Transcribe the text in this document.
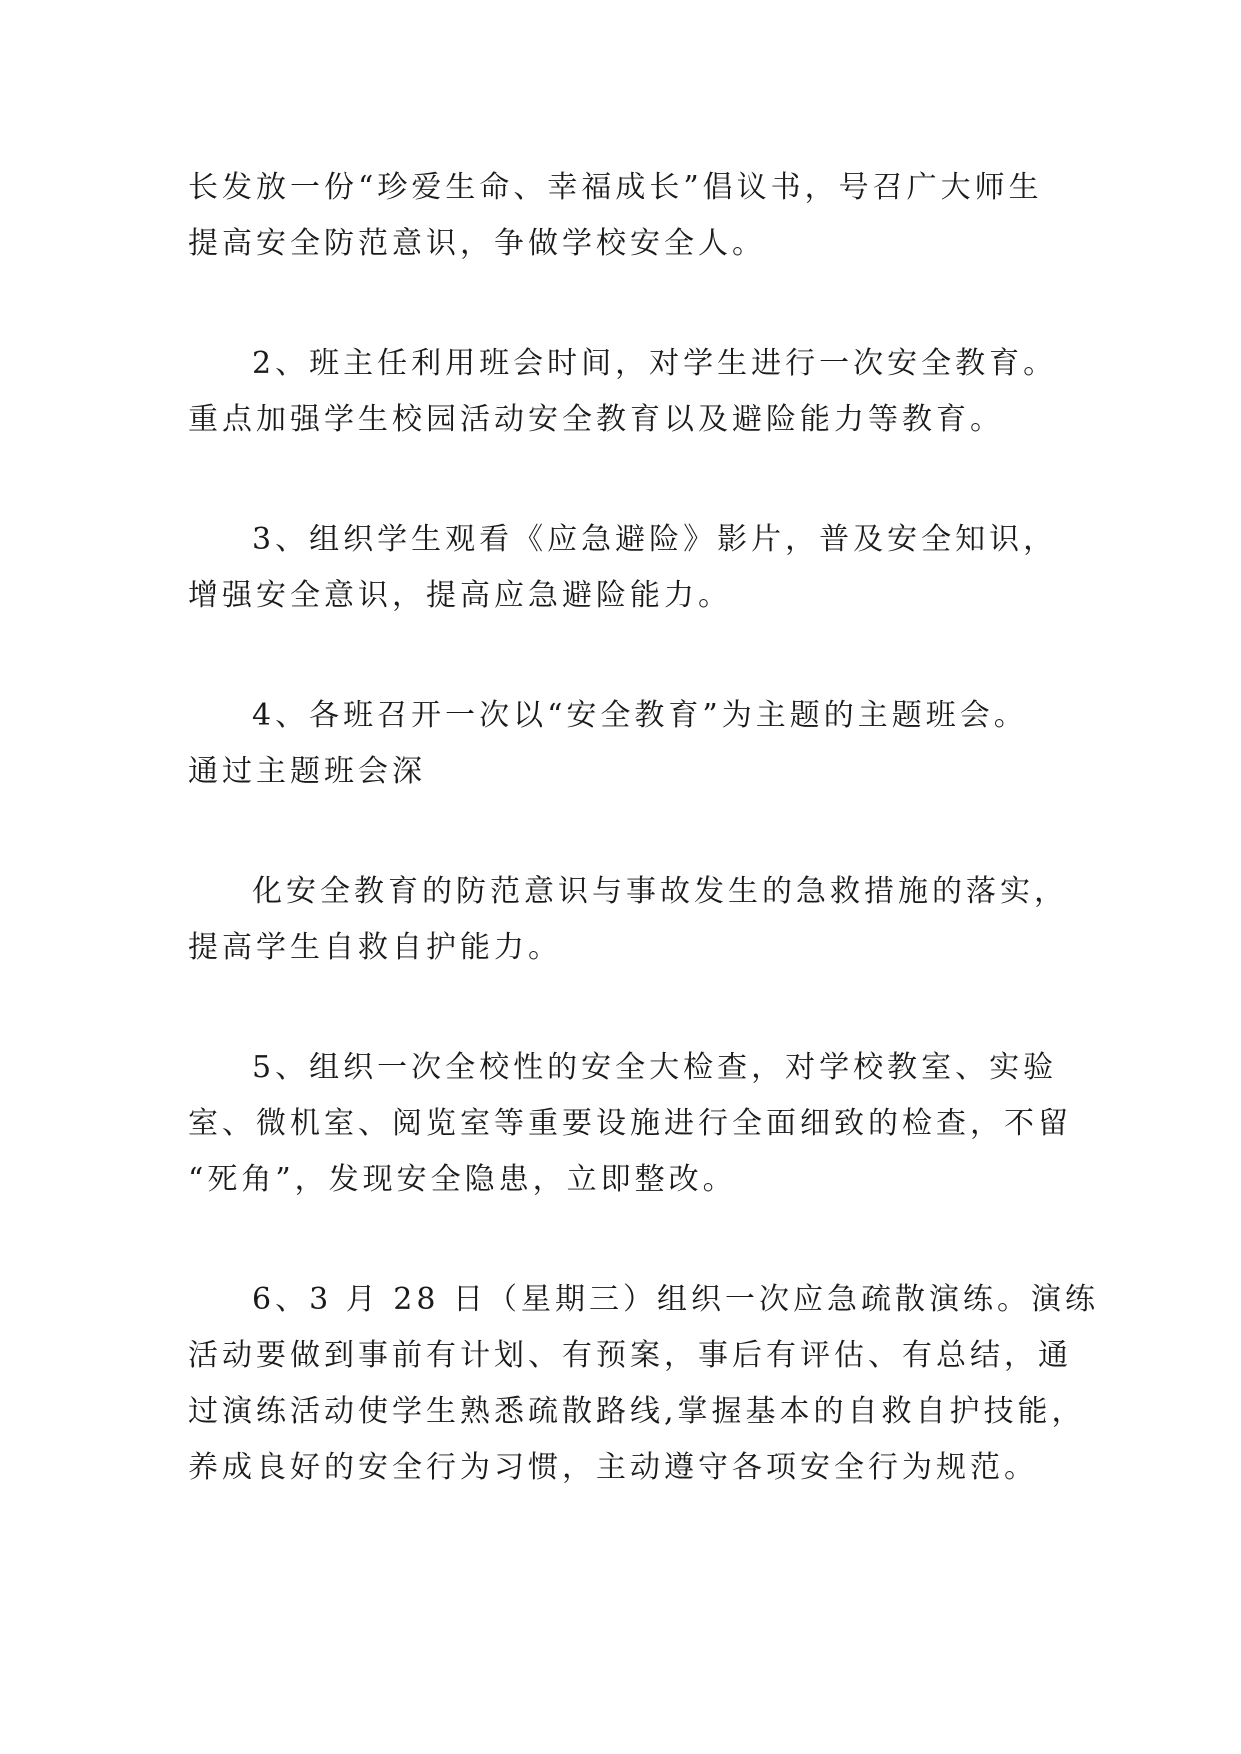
长发放一份“珍爱生命、幸福成长”倡议书，号召广大师生
提高安全防范意识，争做学校安全人。

2、班主任利用班会时间，对学生进行一次安全教育。
重点加强学生校园活动安全教育以及避险能力等教育。

3、组织学生观看《应急避险》影片，普及安全知识，
增强安全意识，提高应急避险能力。

4、各班召开一次以“安全教育”为主题的主题班会。
通过主题班会深

化安全教育的防范意识与事故发生的急救措施的落实，
提高学生自救自护能力。

5、组织一次全校性的安全大检查，对学校教室、实验
室、微机室、阅览室等重要设施进行全面细致的检查，不留
“死角”，发现安全隐患，立即整改。

6、3 月 28 日（星期三）组织一次应急疏散演练。演练
活动要做到事前有计划、有预案，事后有评估、有总结，通
过演练活动使学生熟悉疏散路线,掌握基本的自救自护技能，
养成良好的安全行为习惯，主动遵守各项安全行为规范。
